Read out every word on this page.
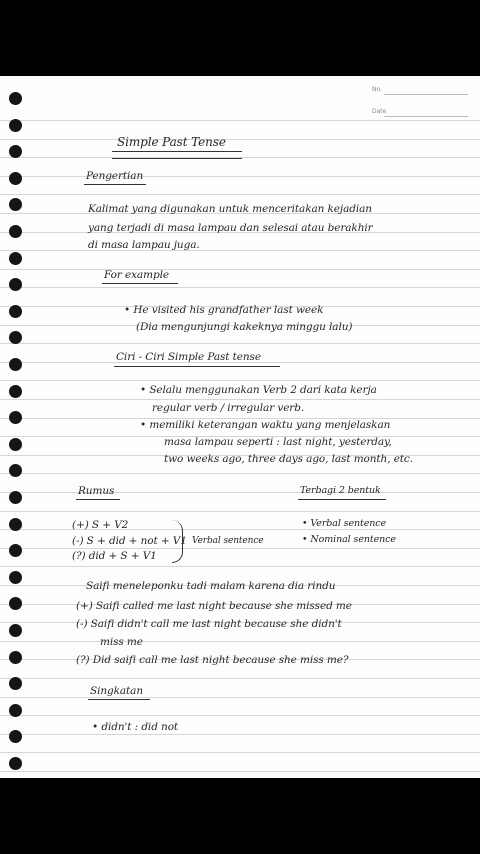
No.
Date
Simple Past Tense
Pengertian
Kalimat yang digunakan untuk menceritakan kejadian
yang terjadi di masa lampau dan selesai atau berakhir
di masa lampau juga.
For example
• He visited his grandfather last week
(Dia mengunjungi kakeknya minggu lalu)
Ciri - Ciri Simple Past tense
• Selalu menggunakan Verb 2 dari kata kerja
regular verb / irregular verb.
• memiliki keterangan waktu yang menjelaskan
masa lampau seperti : last night, yesterday,
two weeks ago, three days ago, last month, etc.
Rumus
(+) S + V2
(-) S + did + not + V1
(?) did + S + V1
Verbal sentence
Terbagi 2 bentuk
• Verbal sentence
• Nominal sentence
Saifi meneleponku tadi malam karena dia rindu
(+) Saifi called me last night because she missed me
(-) Saifi didn't call me last night because she didn't
miss me
(?) Did saifi call me last night because she miss me?
Singkatan
• didn't : did not
